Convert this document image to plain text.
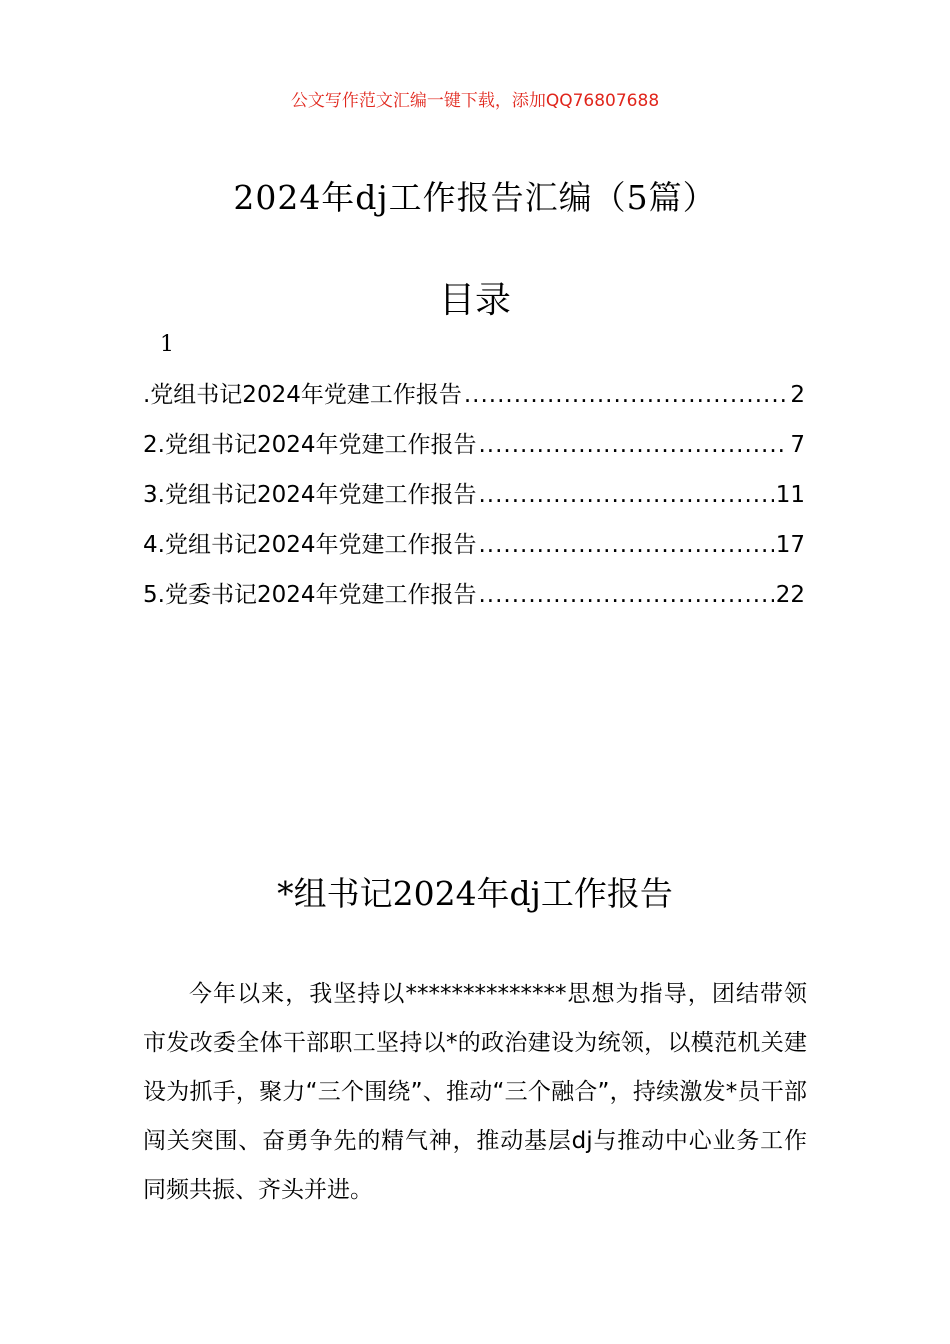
公文写作范文汇编一键下载，添加QQ76807688
2024年dj工作报告汇编（5篇）
目录
1
.党组书记2024年党建工作报告 .....	2
2.党组书记2024年党建工作报告 .....	7
3.党组书记2024年党建工作报告 .....	11
4.党组书记2024年党建工作报告 .....	17
5.党委书记2024年党建工作报告 .....	22
*组书记2024年dj工作报告
今年以来，我坚持以**************思想为指导，团结带领市发改委全体干部职工坚持以*的政治建设为统领，以模范机关建设为抓手，聚力“三个围绕”、推动“三个融合”，持续激发*员干部闯关突围、奋勇争先的精气神，推动基层dj与推动中心业务工作同频共振、齐头并进。
